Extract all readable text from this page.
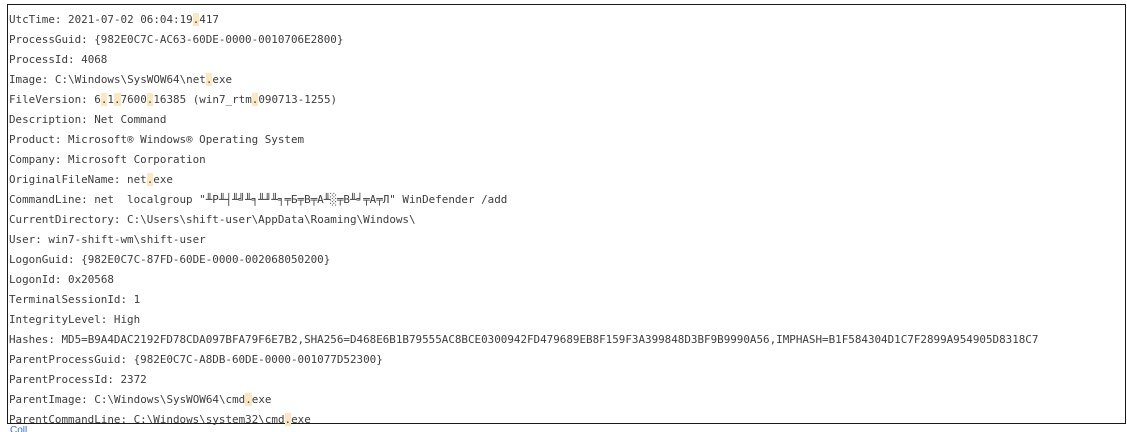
UtcTime: 2021-07-02 06:04:19.417
ProcessGuid: {982E0C7C-AC63-60DE-0000-0010706E2800}
ProcessId: 4068
Image: C:\Windows\SysWOW64\net.exe
FileVersion: 6.1.7600.16385 (win7_rtm.090713-1255)
Description: Net Command
Product: Microsoft® Windows® Operating System
Company: Microsoft Corporation
OriginalFileName: net.exe
CommandLine: net  localgroup "╨Р╨┤╨╝╨╕╨╜╨╕╤Б╤В╤А╨░╤В╨╛╤А╤Л" WinDefender /add
CurrentDirectory: C:\Users\shift-user\AppData\Roaming\Windows\
User: win7-shift-wm\shift-user
LogonGuid: {982E0C7C-87FD-60DE-0000-002068050200}
LogonId: 0x20568
TerminalSessionId: 1
IntegrityLevel: High
Hashes: MD5=B9A4DAC2192FD78CDA097BFA79F6E7B2,SHA256=D468E6B1B79555AC8BCE0300942FD479689EB8F159F3A399848D3BF9B9990A56,IMPHASH=B1F584304D1C7F2899A954905D8318C7
ParentProcessGuid: {982E0C7C-A8DB-60DE-0000-001077D52300}
ParentProcessId: 2372
ParentImage: C:\Windows\SysWOW64\cmd.exe
ParentCommandLine: C:\Windows\system32\cmd.exe
Coll
